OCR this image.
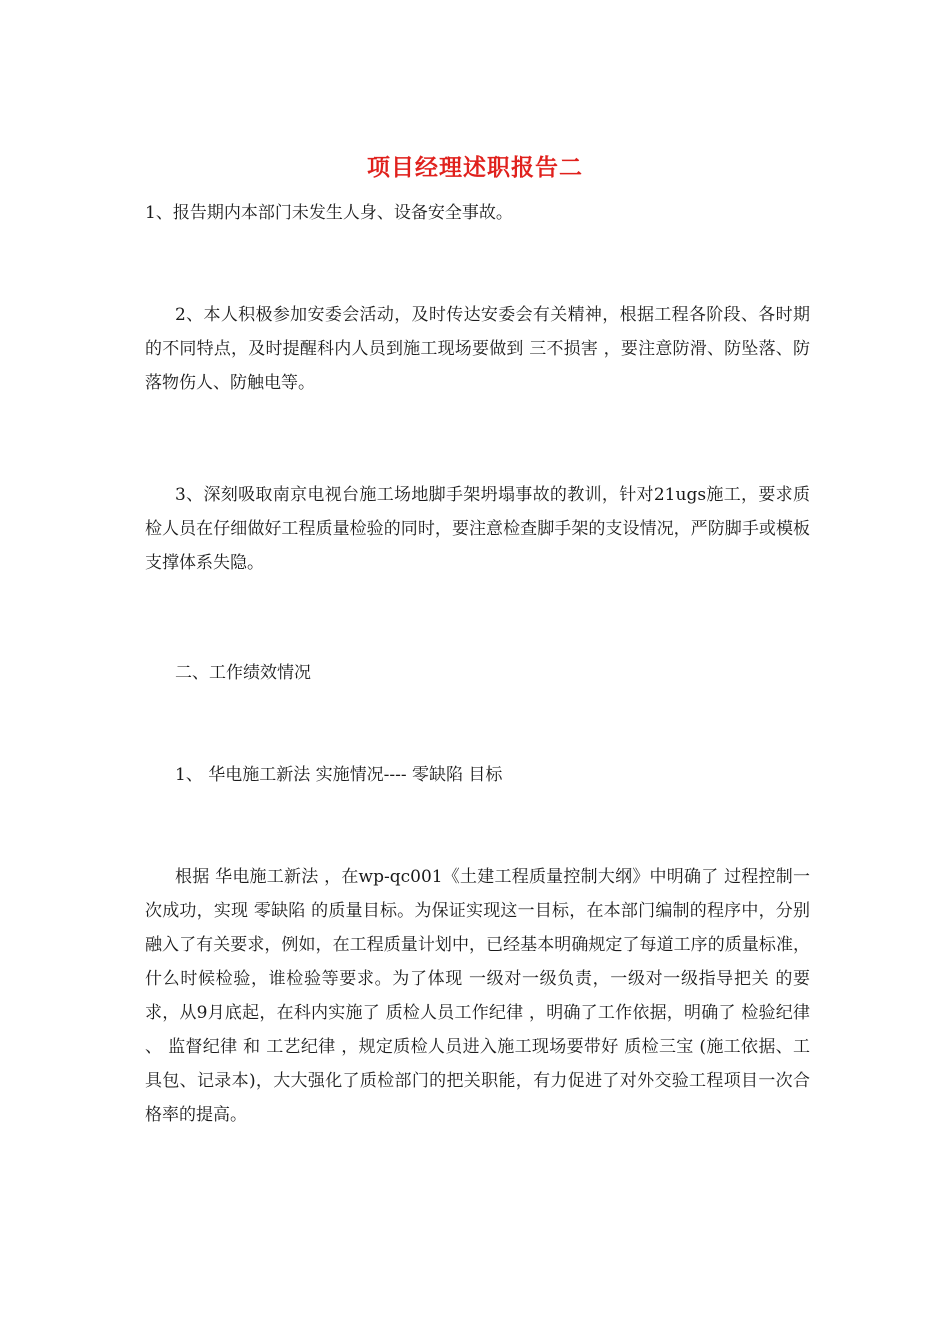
项目经理述职报告二

1、报告期内本部门未发生人身、设备安全事故。

2、本人积极参加安委会活动，及时传达安委会有关精神，根据工程各阶段、各时期的不同特点，及时提醒科内人员到施工现场要做到 三不损害 ，要注意防滑、防坠落、防落物伤人、防触电等。

3、深刻吸取南京电视台施工场地脚手架坍塌事故的教训，针对21ugs施工，要求质检人员在仔细做好工程质量检验的同时，要注意检查脚手架的支设情况，严防脚手或模板支撑体系失隐。

二、工作绩效情况

1、 华电施工新法 实施情况---- 零缺陷 目标

根据 华电施工新法 ，在wp-qc001《土建工程质量控制大纲》中明确了 过程控制一次成功，实现 零缺陷 的质量目标。为保证实现这一目标，在本部门编制的程序中，分别融入了有关要求，例如，在工程质量计划中，已经基本明确规定了每道工序的质量标准，什么时候检验，谁检验等要求。为了体现 一级对一级负责，一级对一级指导把关 的要求，从9月底起，在科内实施了 质检人员工作纪律 ，明确了工作依据，明确了 检验纪律 、 监督纪律 和 工艺纪律 ，规定质检人员进入施工现场要带好 质检三宝 (施工依据、工具包、记录本)，大大强化了质检部门的把关职能，有力促进了对外交验工程项目一次合格率的提高。
